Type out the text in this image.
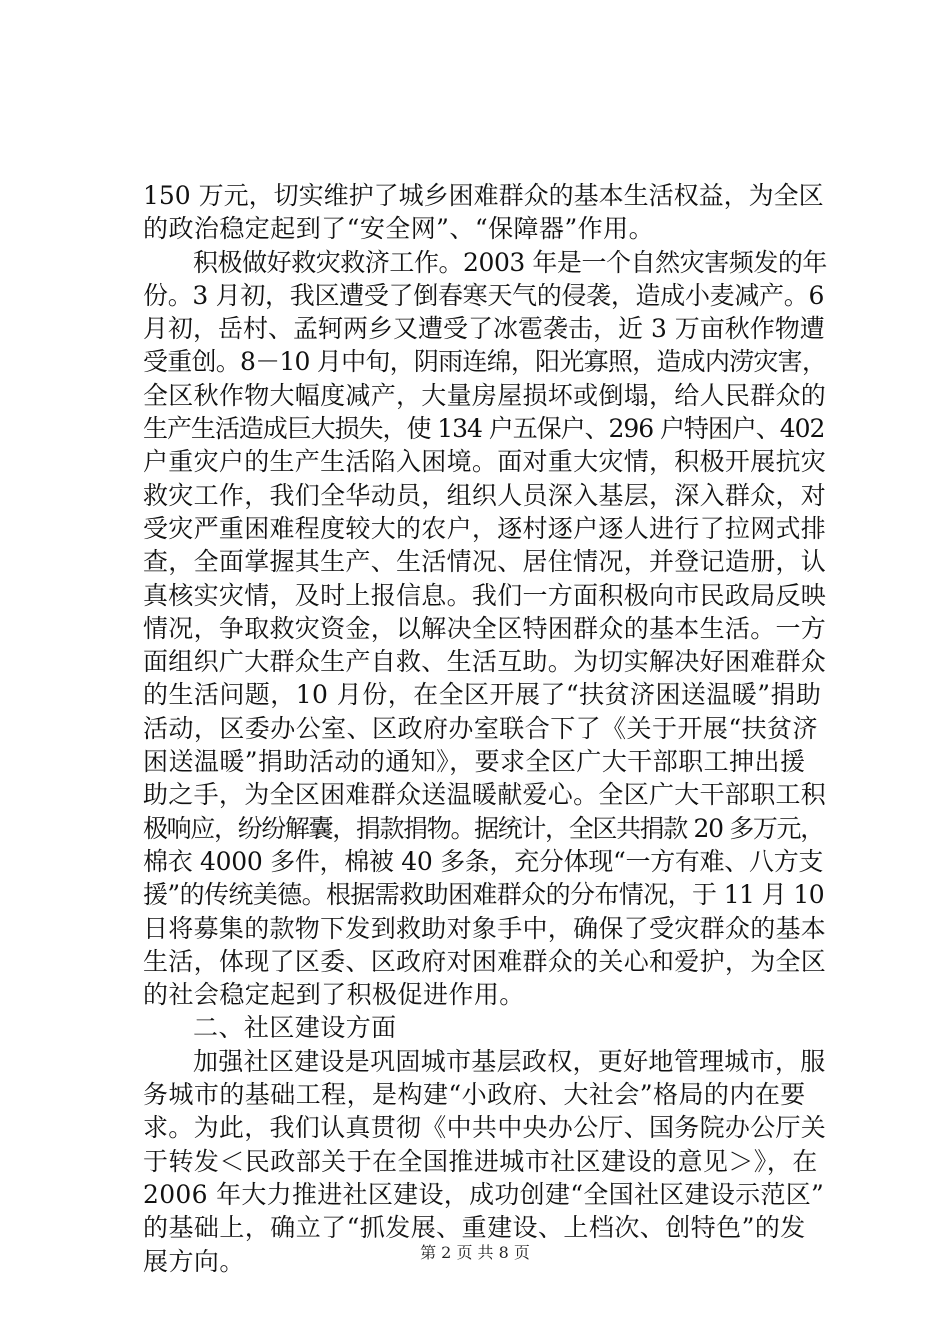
150 万元，切实维护了城乡困难群众的基本生活权益，为全区
的政治稳定起到了“安全网”、“保障器”作用。
积极做好救灾救济工作。2003 年是一个自然灾害频发的年
份。3 月初，我区遭受了倒春寒天气的侵袭，造成小麦减产。6
月初，岳村、孟轲两乡又遭受了冰雹袭击，近 3 万亩秋作物遭
受重创。8－10 月中旬，阴雨连绵，阳光寡照，造成内涝灾害，
全区秋作物大幅度减产，大量房屋损坏或倒塌，给人民群众的
生产生活造成巨大损失，使 134 户五保户、296 户特困户、402
户重灾户的生产生活陷入困境。面对重大灾情，积极开展抗灾
救灾工作，我们全华动员，组织人员深入基层，深入群众，对
受灾严重困难程度较大的农户，逐村逐户逐人进行了拉网式排
查，全面掌握其生产、生活情况、居住情况，并登记造册，认
真核实灾情，及时上报信息。我们一方面积极向市民政局反映
情况，争取救灾资金，以解决全区特困群众的基本生活。一方
面组织广大群众生产自救、生活互助。为切实解决好困难群众
的生活问题，10 月份，在全区开展了“扶贫济困送温暖”捐助
活动，区委办公室、区政府办室联合下了《关于开展“扶贫济
困送温暖”捐助活动的通知》，要求全区广大干部职工抻出援
助之手，为全区困难群众送温暖献爱心。全区广大干部职工积
极响应，纷纷解囊，捐款捐物。据统计，全区共捐款 20 多万元，
棉衣 4000 多件，棉被 40 多条，充分体现“一方有难、八方支
援”的传统美德。根据需救助困难群众的分布情况，于 11 月 10
日将募集的款物下发到救助对象手中，确保了受灾群众的基本
生活，体现了区委、区政府对困难群众的关心和爱护，为全区
的社会稳定起到了积极促进作用。
二、社区建设方面
加强社区建设是巩固城市基层政权，更好地管理城市，服
务城市的基础工程，是构建“小政府、大社会”格局的内在要
求。为此，我们认真贯彻《中共中央办公厅、国务院办公厅关
于转发＜民政部关于在全国推进城市社区建设的意见＞》，在
2006 年大力推进社区建设，成功创建“全国社区建设示范区”
的基础上，确立了“抓发展、重建设、上档次、创特色”的发
展方向。	第 2 页 共 8 页
